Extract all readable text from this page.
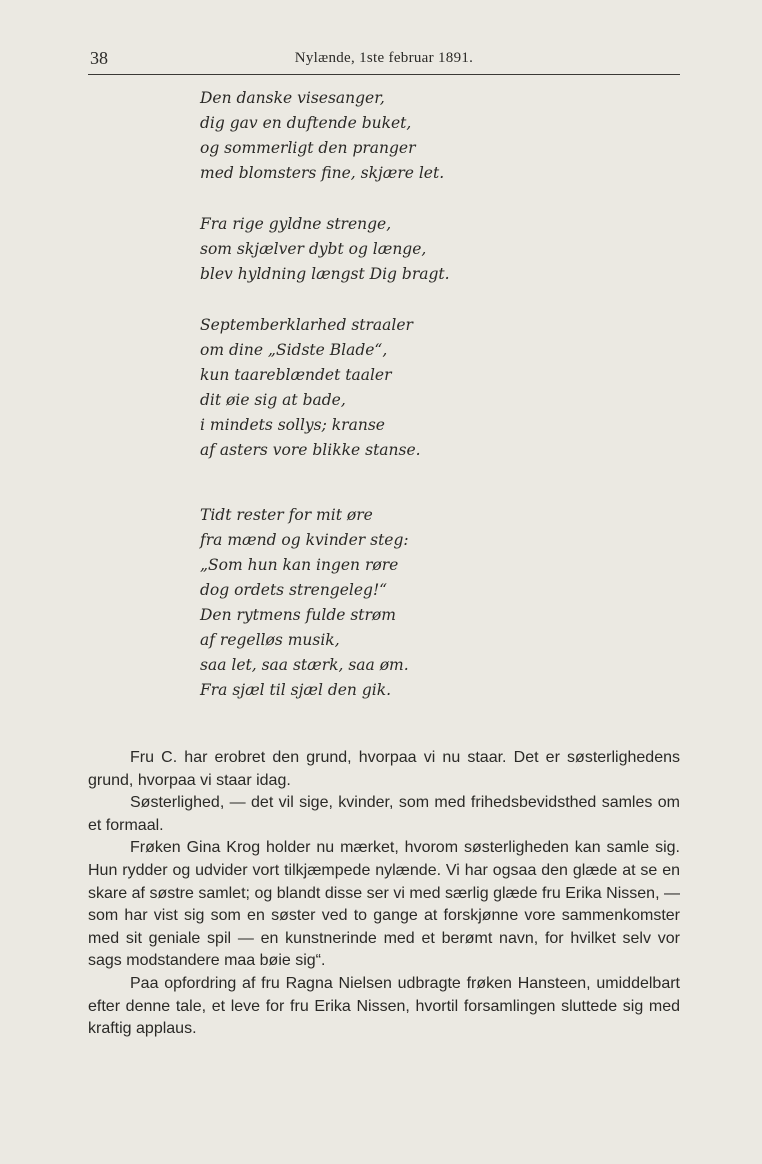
38	Nylænde, 1ste februar 1891.
Den danske visesanger,
dig gav en duftende buket,
og sommerligt den pranger
med blomsters fine, skjære let.
Fra rige gyldne strenge,
som skjælver dybt og længe,
blev hyldning længst Dig bragt.
Septemberklarhed straaler
om dine „Sidste Blade“,
kun taareblændet taaler
dit øie sig at bade,
i mindets sollys; kranse
af asters vore blikke stanse.
Tidt rester for mit øre
fra mænd og kvinder steg:
„Som hun kan ingen røre
dog ordets strengeleg!“
Den rytmens fulde strøm
af regelløs musik,
saa let, saa stærk, saa øm.
Fra sjæl til sjæl den gik.

Fru C. har erobret den grund, hvorpaa vi nu staar. Det er søsterlighedens grund, hvorpaa vi staar idag.

Søsterlighed, — det vil sige, kvinder, som med frihedsbevidsthed samles om et formaal.

Frøken Gina Krog holder nu mærket, hvorom søsterligheden kan samle sig. Hun rydder og udvider vort tilkjæmpede nylænde. Vi har ogsaa den glæde at se en skare af søstre samlet; og blandt disse ser vi med særlig glæde fru Erika Nissen, — som har vist sig som en søster ved to gange at forskjønne vore sammenkomster med sit geniale spil — en kunstnerinde med et berømt navn, for hvilket selv vor sags modstandere maa bøie sig“.

Paa opfordring af fru Ragna Nielsen udbragte frøken Hansteen, umiddelbart efter denne tale, et leve for fru Erika Nissen, hvortil forsamlingen sluttede sig med kraftig applaus.
